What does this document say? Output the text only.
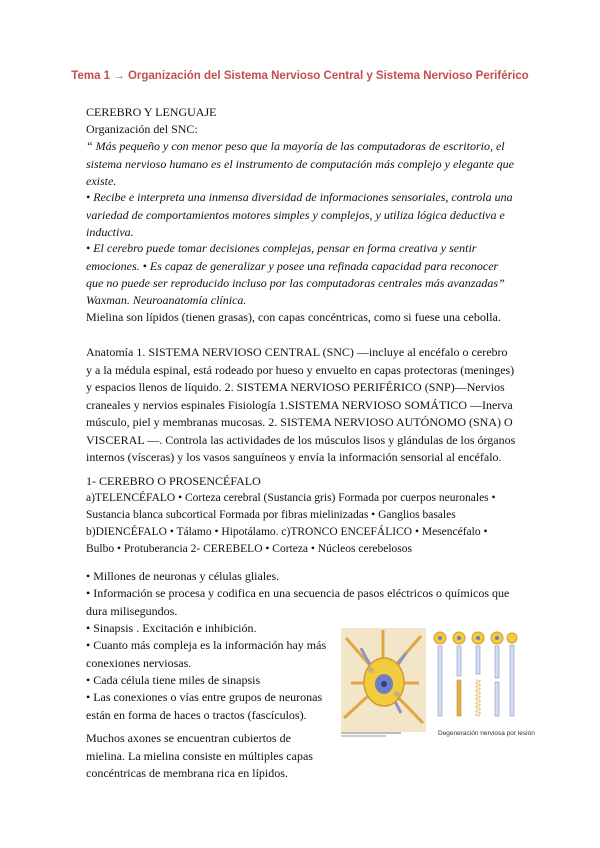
Tema 1 → Organización del Sistema Nervioso Central y Sistema Nervioso Periférico

CEREBRO Y LENGUAJE

Organización del SNC:

“ Más pequeño y con menor peso que la mayoría de las computadoras de escritorio, el sistema nervioso humano es el instrumento de computación más complejo y elegante que existe.

• Recibe e interpreta una inmensa diversidad de informaciones sensoriales, controla una variedad de comportamientos motores simples y complejos, y utiliza lógica deductiva e inductiva.

• El cerebro puede tomar decisiones complejas, pensar en forma creativa y sentir emociones. • Es capaz de generalizar y posee una refinada capacidad para reconocer que no puede ser reproducido incluso por las computadoras centrales más avanzadas”

Waxman. Neuroanatomía clínica.

Mielina son lípidos (tienen grasas), con capas concéntricas, como si fuese una cebolla.

Anatomía 1. SISTEMA NERVIOSO CENTRAL (SNC) —incluye al encéfalo o cerebro y a la médula espinal, está rodeado por hueso y envuelto en capas protectoras (meninges) y espacios llenos de líquido. 2. SISTEMA NERVIOSO PERIFÉRICO (SNP)—Nervios craneales y nervios espinales Fisiología 1.SISTEMA NERVIOSO SOMÁTICO —Inerva músculo, piel y membranas mucosas. 2. SISTEMA NERVIOSO AUTÓNOMO (SNA) O VISCERAL —. Controla las actividades de los músculos lisos y glándulas de los órganos internos (vísceras) y los vasos sanguíneos y envía la información sensorial al encéfalo.

1- CEREBRO O PROSENCÉFALO

a)TELENCÉFALO • Corteza cerebral (Sustancia gris) Formada por cuerpos neuronales • Sustancia blanca subcortical Formada por fibras mielinizadas • Ganglios basales b)DIENCÉFALO • Tálamo • Hipotálamo. c)TRONCO ENCEFÁLICO • Mesencéfalo • Bulbo • Protuberancia 2- CEREBELO • Corteza • Núcleos cerebelosos

• Millones de neuronas y células gliales.

• Información se procesa y codifica en una secuencia de pasos eléctricos o químicos que dura milisegundos.

• Sinapsis . Excitación e inhibición.

• Cuanto más compleja es la información hay más conexiones nerviosas.

• Cada célula tiene miles de sinapsis

• Las conexiones o vías entre grupos de neuronas están en forma de haces o tractos (fascículos).

Muchos axones se encuentran cubiertos de mielina. La mielina consiste en múltiples capas concéntricas de membrana rica en lípidos.

Degeneración nerviosa por lesión
